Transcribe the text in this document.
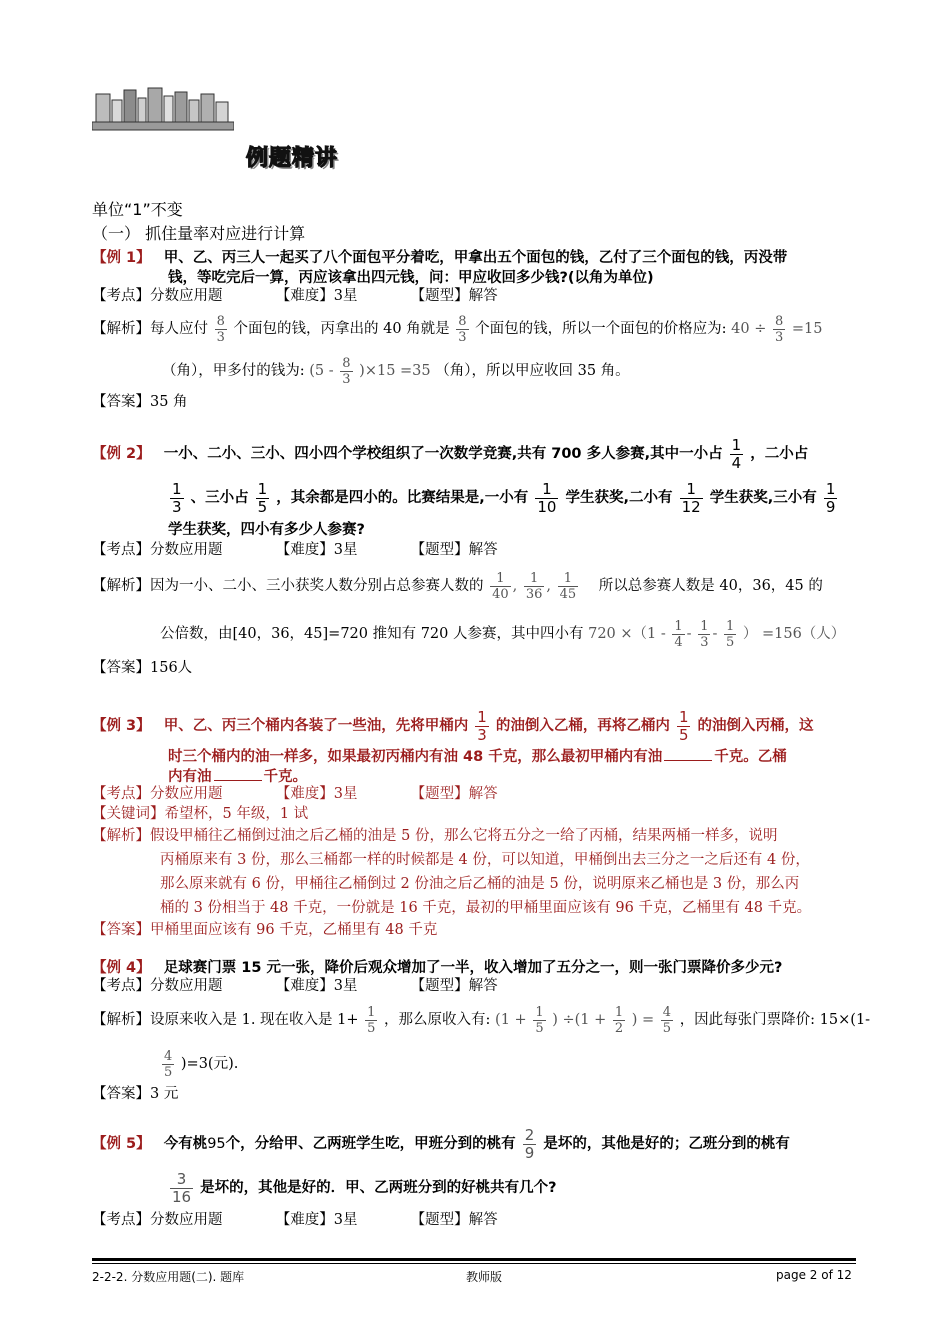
例题精讲
单位“1”不变
（一） 抓住量率对应进行计算
【例 1】 甲、乙、丙三人一起买了八个面包平分着吃，甲拿出五个面包的钱，乙付了三个面包的钱，丙没带
钱，等吃完后一算，丙应该拿出四元钱，问：甲应收回多少钱?(以角为单位)
【考点】分数应用题	【难度】3星	【题型】解答
【解析】每人应付 $\frac{8}{3}$ 个面包的钱，丙拿出的 40 角就是 $\frac{8}{3}$ 个面包的钱，所以一个面包的价格应为: $40 \div \frac{8}{3} =15$
（角），甲多付的钱为: $(5 - \frac{8}{3} )\times 15 =35$ （角），所以甲应收回 35 角。
【答案】35 角
【例 2】 一小、二小、三小、四小四个学校组织了一次数学竞赛,共有 700 多人参赛,其中一小占 $\frac{1}{4}$ ，二小占
$\frac{1}{3}$ 、三小占 $\frac{1}{5}$ ，其余都是四小的。比赛结果是,一小有 $\frac{1}{10}$ 学生获奖,二小有 $\frac{1}{12}$ 学生获奖,三小有 $\frac{1}{9}$
学生获奖，四小有多少人参赛?
【考点】分数应用题	【难度】3星	【题型】解答
【解析】因为一小、二小、三小获奖人数分别占总参赛人数的 $\frac{1}{40}$ , $\frac{1}{36}$ , $\frac{1}{45}$ 所以总参赛人数是 40，36，45 的
公倍数，由[40，36，45]=720 推知有 720 人参赛，其中四小有 $720 \times(1 - \frac{1}{4} - \frac{1}{3} - \frac{1}{5}$ ） =156（人）
【答案】156人
【例 3】 甲、乙、丙三个桶内各装了一些油，先将甲桶内 $\frac{1}{3}$ 的油倒入乙桶，再将乙桶内 $\frac{1}{5}$ 的油倒入丙桶，这
时三个桶内的油一样多，如果最初丙桶内有油 48 千克，那么最初甲桶内有油	千克。乙桶
内有油	千克。
【考点】分数应用题	【难度】3星	【题型】解答
【关键词】希望杯，5 年级，1 试
【解析】假设甲桶往乙桶倒过油之后乙桶的油是 5 份，那么它将五分之一给了丙桶，结果两桶一样多，说明
丙桶原来有 3 份，那么三桶都一样的时候都是 4 份，可以知道，甲桶倒出去三分之一之后还有 4 份，
那么原来就有 6 份，甲桶往乙桶倒过 2 份油之后乙桶的油是 5 份，说明原来乙桶也是 3 份，那么丙
桶的 3 份相当于 48 千克，一份就是 16 千克，最初的甲桶里面应该有 96 千克，乙桶里有 48 千克。
【答案】甲桶里面应该有 96 千克，乙桶里有 48 千克
【例 4】 足球赛门票 15 元一张，降价后观众增加了一半，收入增加了五分之一，则一张门票降价多少元?
【考点】分数应用题	【难度】3星	【题型】解答
【解析】设原来收入是 1. 现在收入是 $1+ \frac{1}{5}$ ，那么原收入有: ($1 + \frac{1}{5}$ ) $\div(1 + \frac{1}{2}$ ) = $\frac{4}{5}$ ，因此每张门票降价: 15×(1-
$\frac{4}{5} )=3$(元).
【答案】3 元
【例 5】 今有桃95个，分给甲、乙两班学生吃，甲班分到的桃有 $\frac{2}{9}$ 是坏的，其他是好的；乙班分到的桃有
$\frac{3}{16}$ 是坏的，其他是好的．甲、乙两班分到的好桃共有几个?
【考点】分数应用题	【难度】3星	【题型】解答
2-2-2. 分数应用题(二). 题库	教师版	page 2 of 12
